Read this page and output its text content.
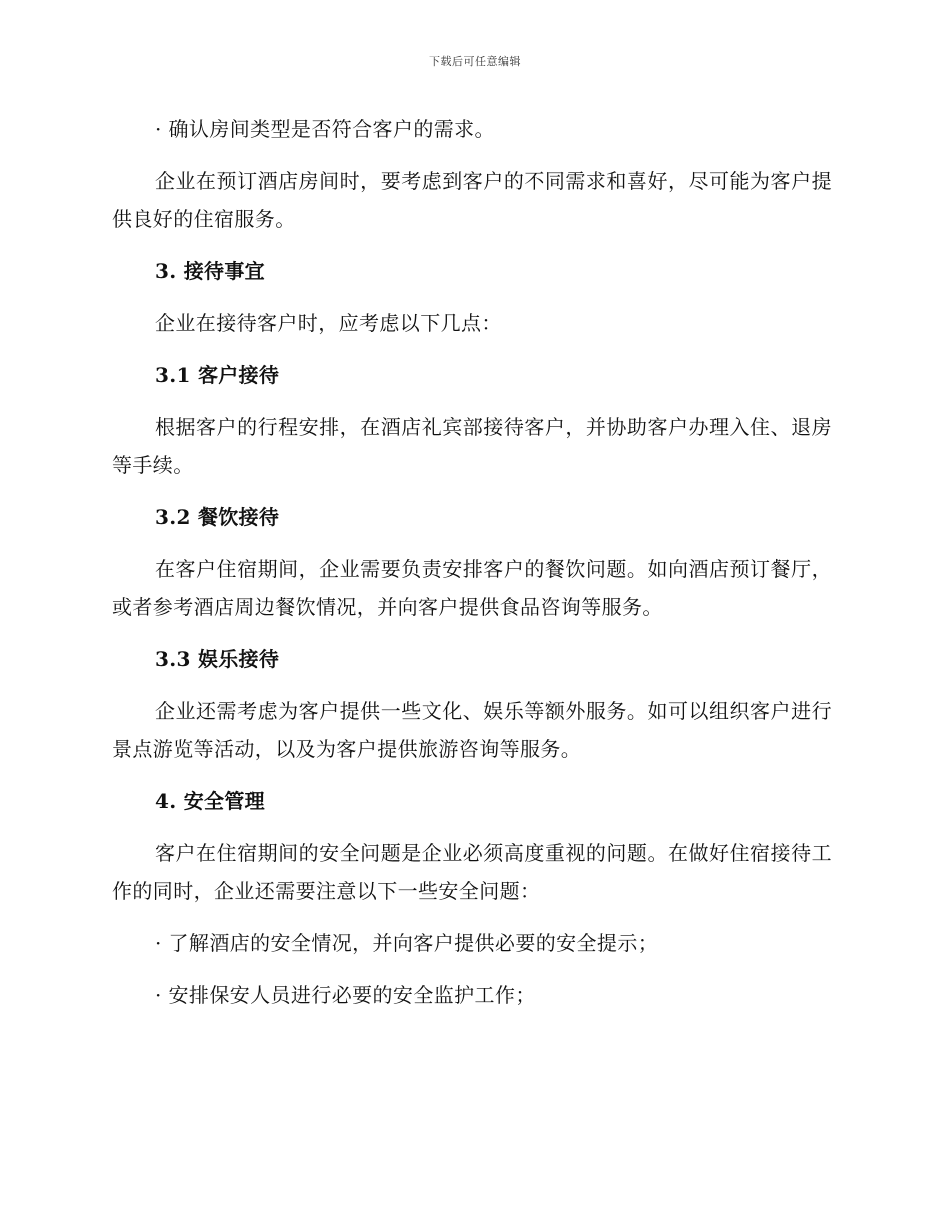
下载后可任意编辑

· 确认房间类型是否符合客户的需求。

企业在预订酒店房间时，要考虑到客户的不同需求和喜好，尽可能为客户提供良好的住宿服务。

3. 接待事宜

企业在接待客户时，应考虑以下几点：

3.1 客户接待

根据客户的行程安排，在酒店礼宾部接待客户，并协助客户办理入住、退房等手续。

3.2 餐饮接待

在客户住宿期间，企业需要负责安排客户的餐饮问题。如向酒店预订餐厅，或者参考酒店周边餐饮情况，并向客户提供食品咨询等服务。

3.3 娱乐接待

企业还需考虑为客户提供一些文化、娱乐等额外服务。如可以组织客户进行景点游览等活动，以及为客户提供旅游咨询等服务。

4. 安全管理

客户在住宿期间的安全问题是企业必须高度重视的问题。在做好住宿接待工作的同时，企业还需要注意以下一些安全问题：

· 了解酒店的安全情况，并向客户提供必要的安全提示；

· 安排保安人员进行必要的安全监护工作；
